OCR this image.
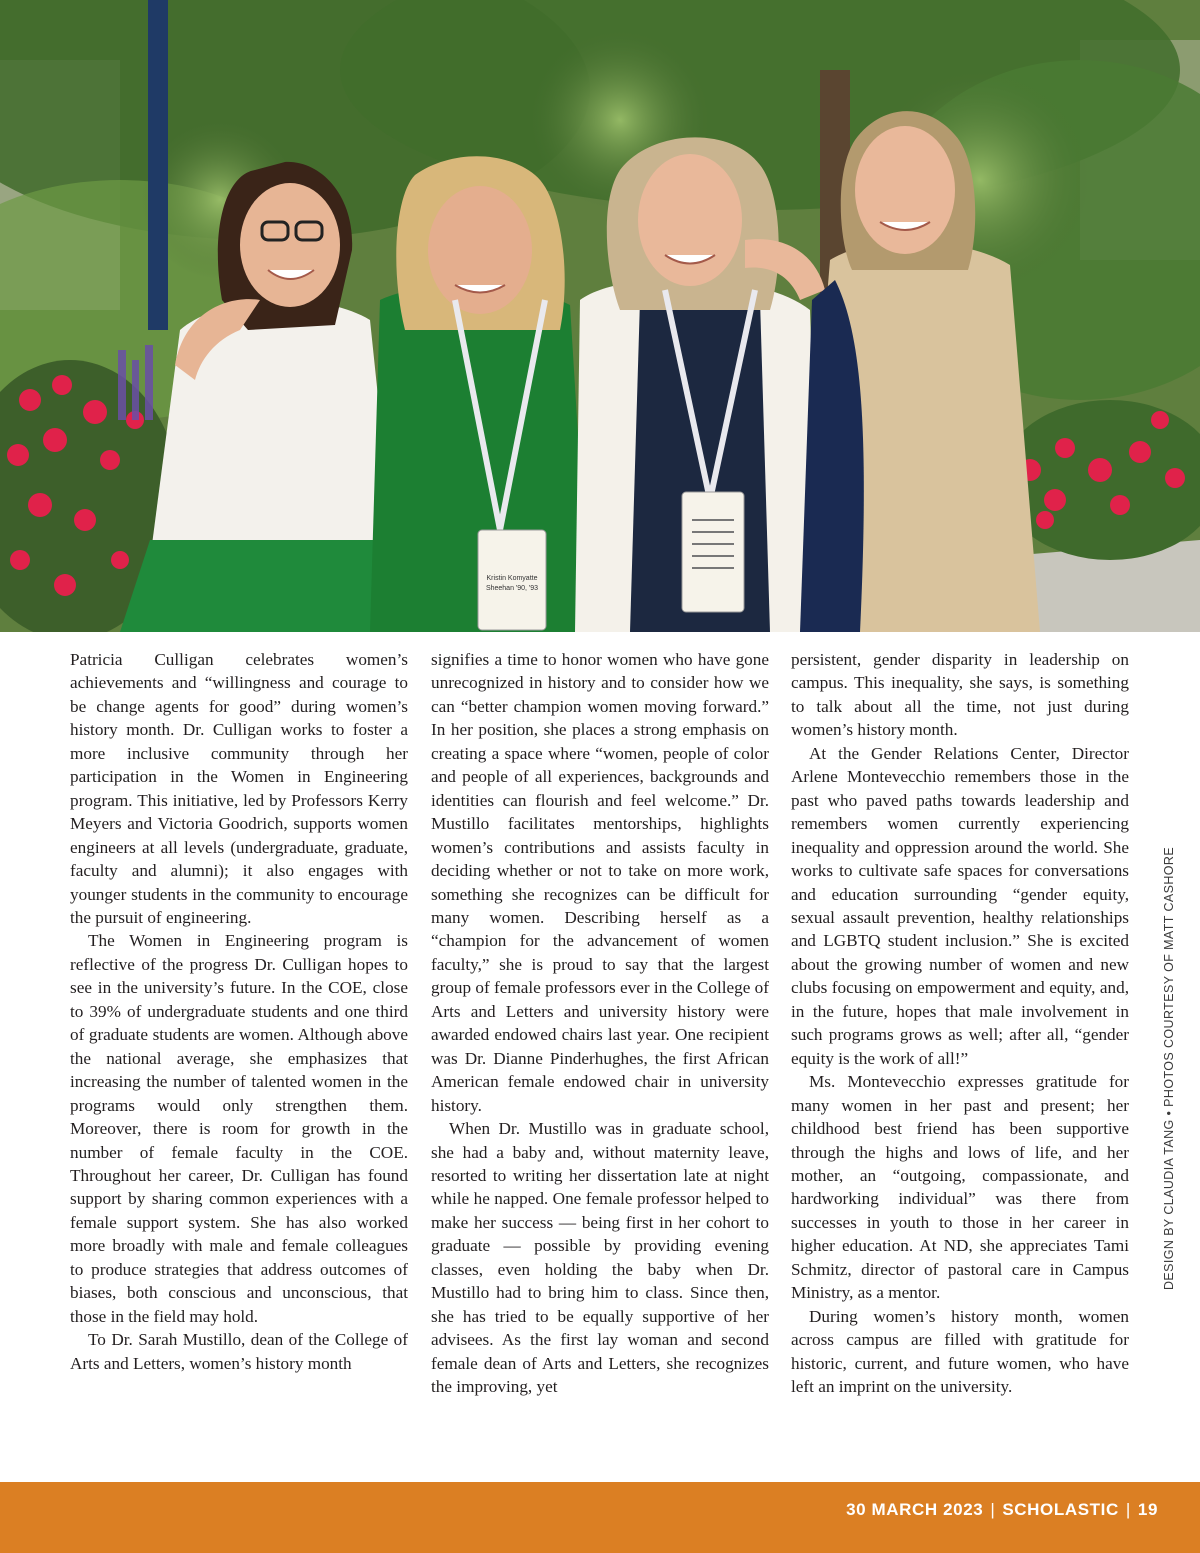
Kristin Komyatte
Sheehan '90, '93

Patricia Culligan celebrates women’s achievements and “willingness and courage to be change agents for good” during women’s history month. Dr. Culligan works to foster a more inclusive community through her participation in the Women in Engineering program. This initiative, led by Professors Kerry Meyers and Victoria Goodrich, supports women engineers at all levels (undergraduate, graduate, faculty and alumni); it also engages with younger students in the community to encourage the pursuit of engineering.

The Women in Engineering program is reflective of the progress Dr. Culligan hopes to see in the university’s future. In the COE, close to 39% of undergraduate students and one third of graduate students are women. Although above the national average, she emphasizes that increasing the number of talented women in the programs would only strengthen them. Moreover, there is room for growth in the number of female faculty in the COE. Throughout her career, Dr. Culligan has found support by sharing common experiences with a female support system. She has also worked more broadly with male and female colleagues to produce strategies that address outcomes of biases, both conscious and unconscious, that those in the field may hold.

To Dr. Sarah Mustillo, dean of the College of Arts and Letters, women’s history month

signifies a time to honor women who have gone unrecognized in history and to consider how we can “better champion women moving forward.” In her position, she places a strong emphasis on creating a space where “women, people of color and people of all experiences, backgrounds and identities can flourish and feel welcome.” Dr. Mustillo facilitates mentorships, highlights women’s contributions and assists faculty in deciding whether or not to take on more work, something she recognizes can be difficult for many women. Describing herself as a “champion for the advancement of women faculty,” she is proud to say that the largest group of female professors ever in the College of Arts and Letters and university history were awarded endowed chairs last year. One recipient was Dr. Dianne Pinderhughes, the first African American female endowed chair in university history.

When Dr. Mustillo was in graduate school, she had a baby and, without maternity leave, resorted to writing her dissertation late at night while he napped. One female professor helped to make her success — being first in her cohort to graduate — possible by providing evening classes, even holding the baby when Dr. Mustillo had to bring him to class. Since then, she has tried to be equally supportive of her advisees. As the first lay woman and second female dean of Arts and Letters, she recognizes the improving, yet

persistent, gender disparity in leadership on campus. This inequality, she says, is something to talk about all the time, not just during women’s history month.

At the Gender Relations Center, Director Arlene Montevecchio remembers those in the past who paved paths towards leadership and remembers women currently experiencing inequality and oppression around the world. She works to cultivate safe spaces for conversations and education surrounding “gender equity, sexual assault prevention, healthy relationships and LGBTQ student inclusion.” She is excited about the growing number of women and new clubs focusing on empowerment and equity, and, in the future, hopes that male involvement in such programs grows as well; after all, “gender equity is the work of all!”

Ms. Montevecchio expresses gratitude for many women in her past and present; her childhood best friend has been supportive through the highs and lows of life, and her mother, an “outgoing, compassionate, and hardworking individual” was there from successes in youth to those in her career in higher education. At ND, she appreciates Tami Schmitz, director of pastoral care in Campus Ministry, as a mentor.

During women’s history month, women across campus are filled with gratitude for historic, current, and future women, who have left an imprint on the university.

DESIGN BY CLAUDIA TANG • PHOTOS COURTESY OF MATT CASHORE
30 MARCH 2023 | SCHOLASTIC | 19
